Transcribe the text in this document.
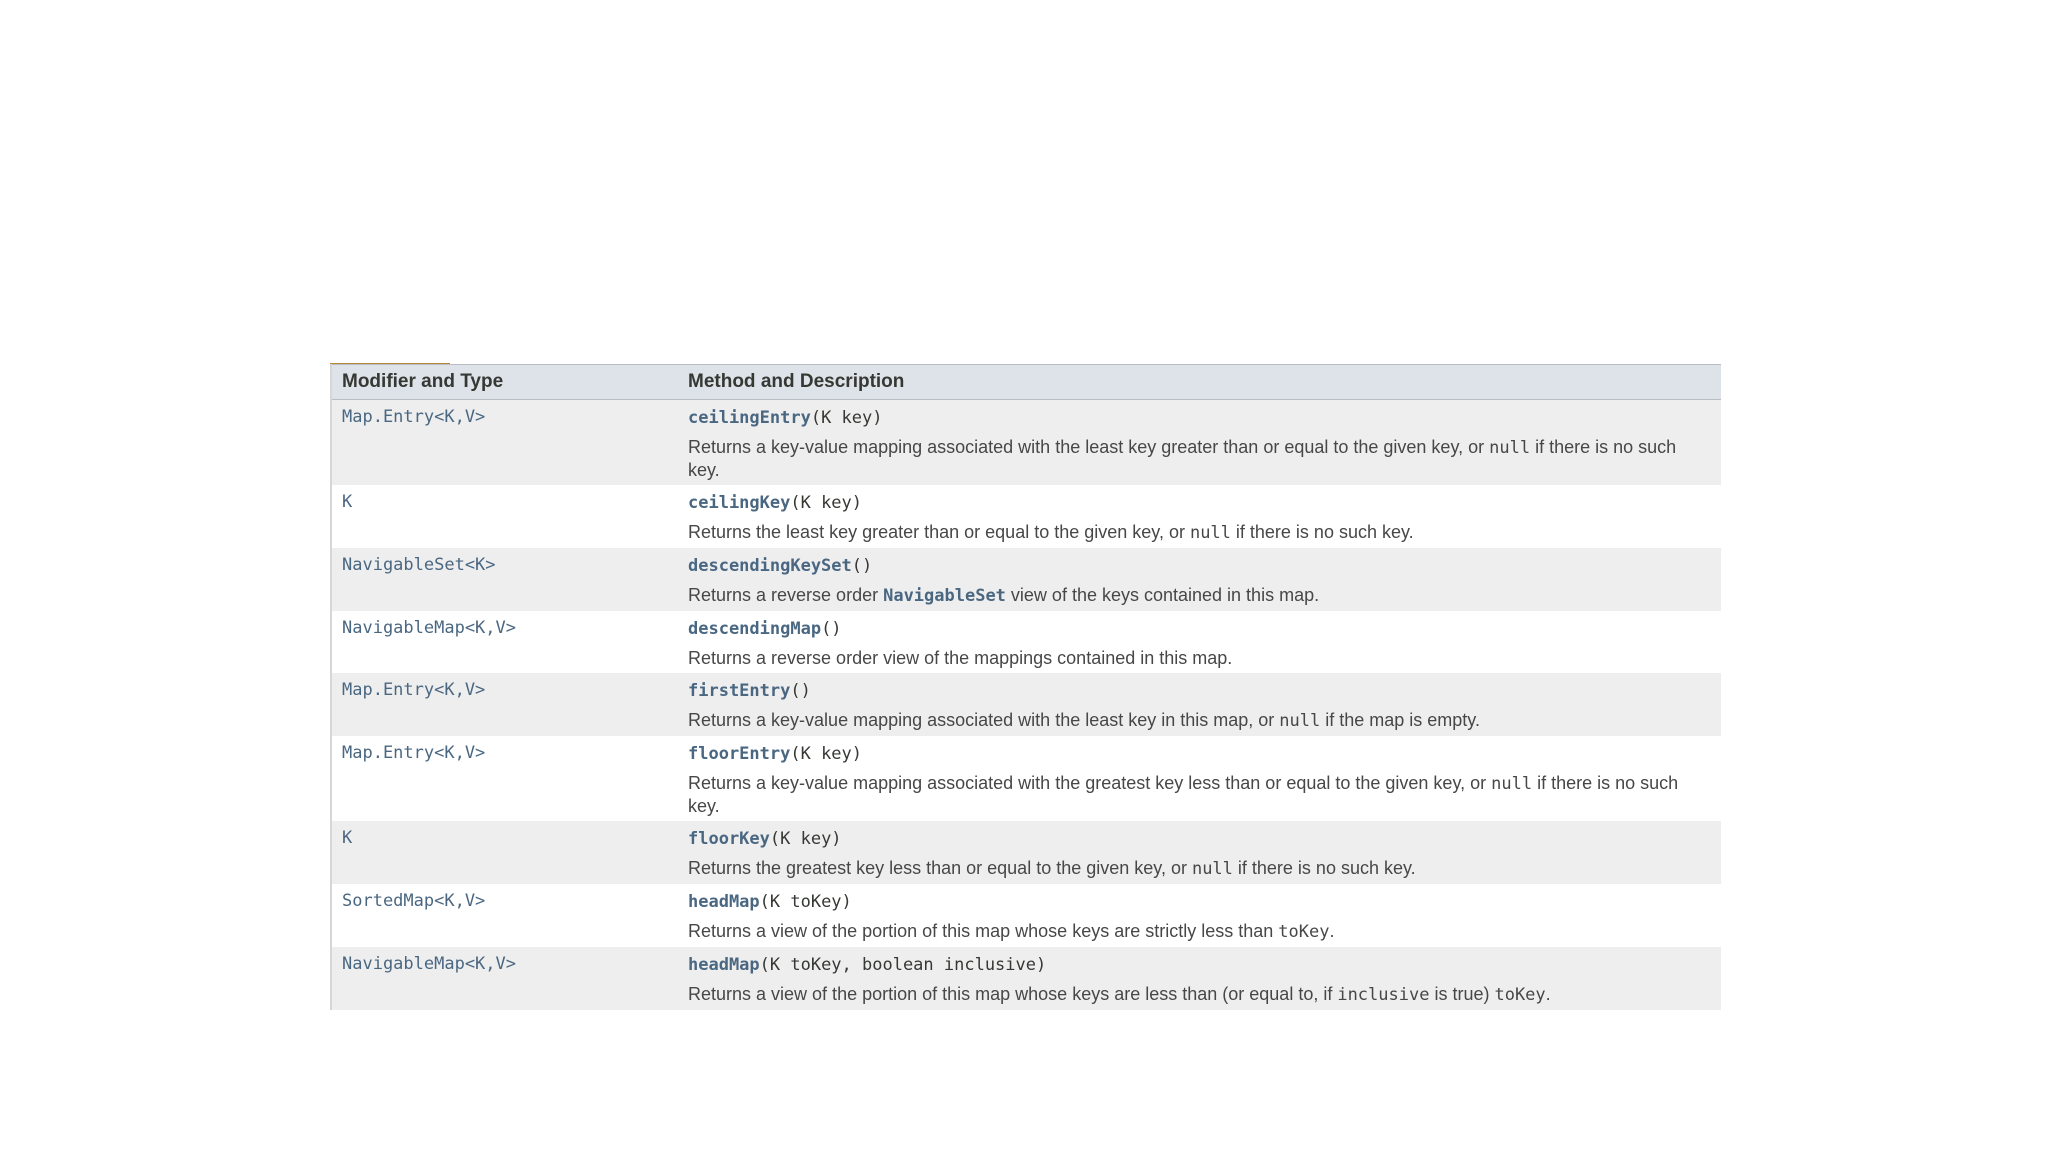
Modifier and Type	Method and Description
Map.Entry<K,V>	ceilingEntry(K key)
Returns a key-value mapping associated with the least key greater than or equal to the given key, or null if there is no such key.

K	ceilingKey(K key)
Returns the least key greater than or equal to the given key, or null if there is no such key.

NavigableSet<K>	descendingKeySet()
Returns a reverse order NavigableSet view of the keys contained in this map.

NavigableMap<K,V>	descendingMap()
Returns a reverse order view of the mappings contained in this map.

Map.Entry<K,V>	firstEntry()
Returns a key-value mapping associated with the least key in this map, or null if the map is empty.

Map.Entry<K,V>	floorEntry(K key)
Returns a key-value mapping associated with the greatest key less than or equal to the given key, or null if there is no such key.

K	floorKey(K key)
Returns the greatest key less than or equal to the given key, or null if there is no such key.

SortedMap<K,V>	headMap(K toKey)
Returns a view of the portion of this map whose keys are strictly less than toKey.

NavigableMap<K,V>	headMap(K toKey, boolean inclusive)
Returns a view of the portion of this map whose keys are less than (or equal to, if inclusive is true) toKey.
